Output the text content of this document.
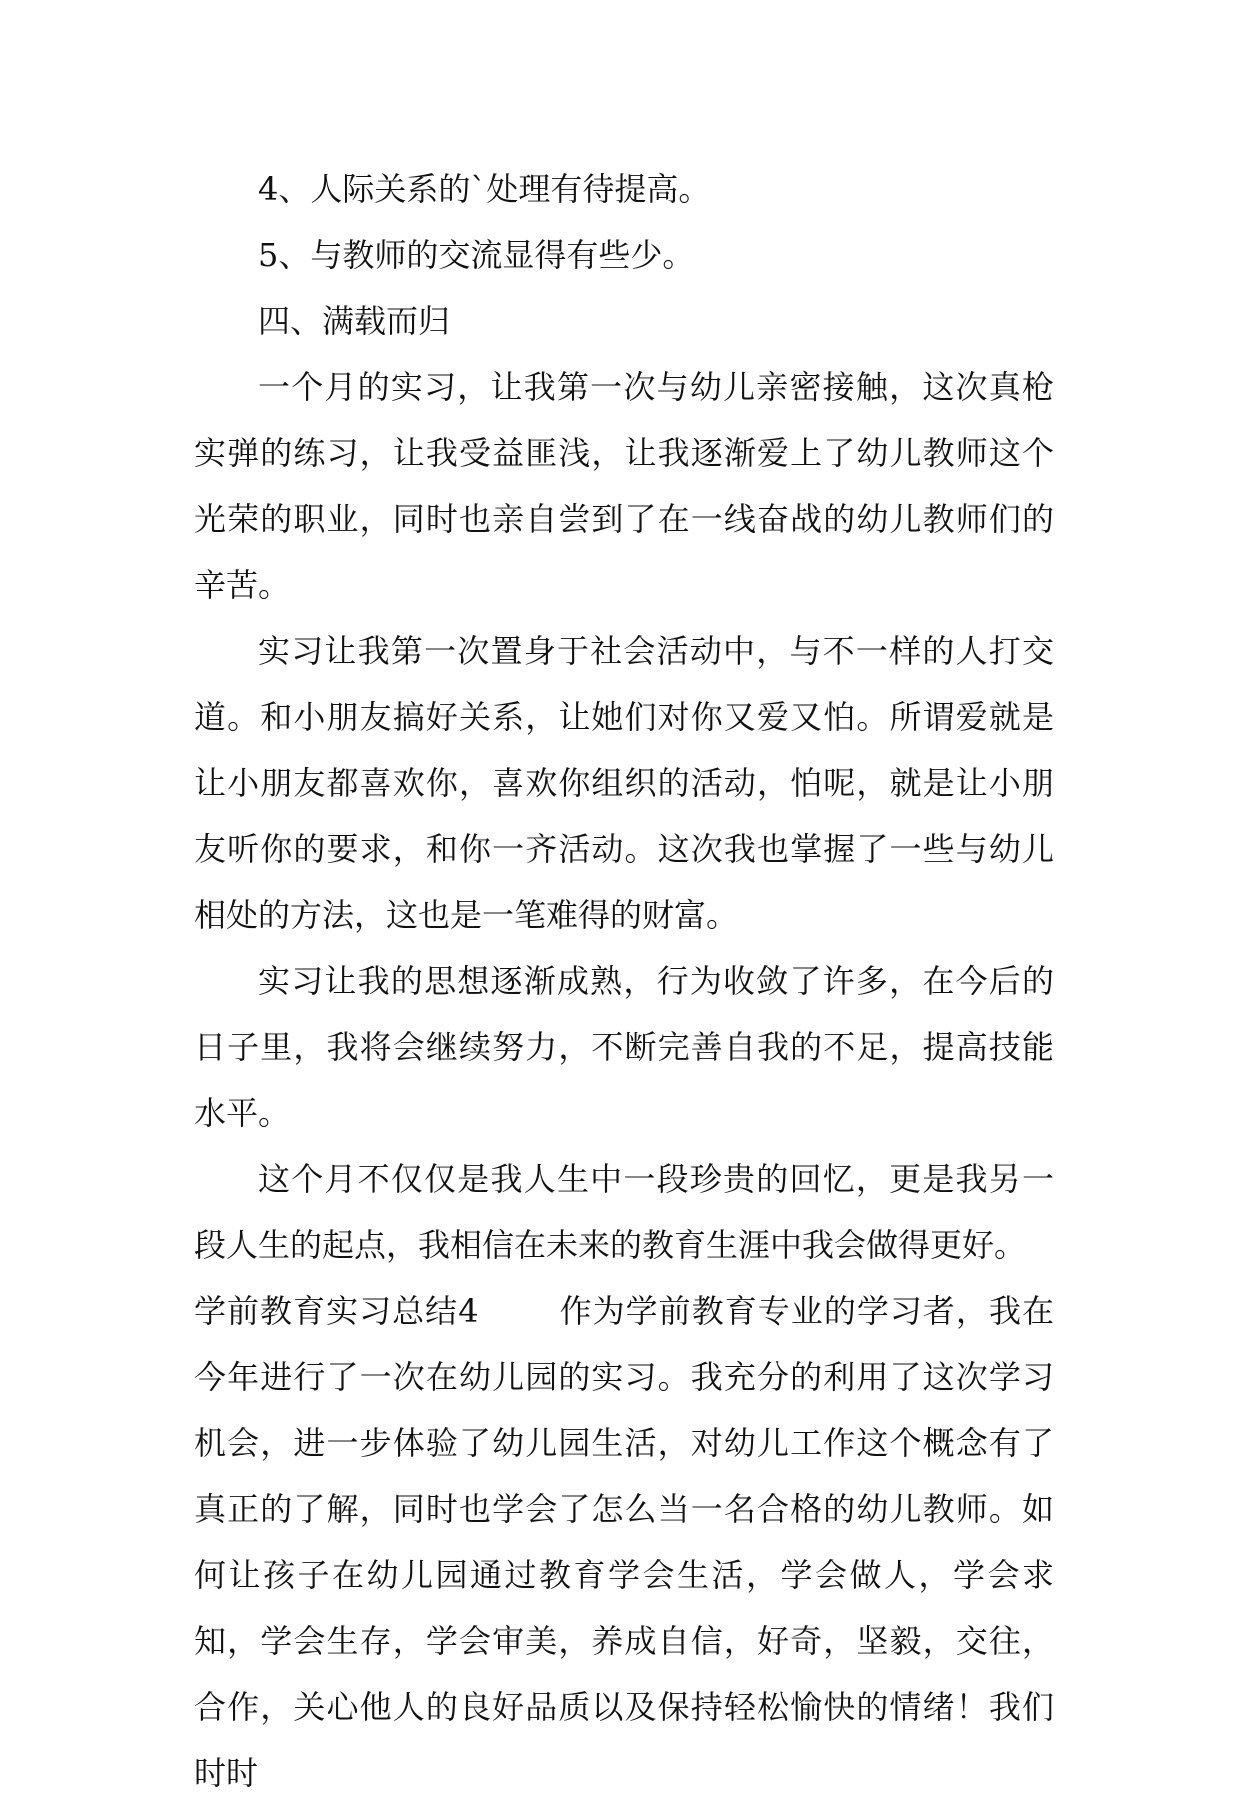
4、人际关系的`处理有待提高。

5、与教师的交流显得有些少。

四、满载而归

一个月的实习，让我第一次与幼儿亲密接触，这次真枪实弹的练习，让我受益匪浅，让我逐渐爱上了幼儿教师这个光荣的职业，同时也亲自尝到了在一线奋战的幼儿教师们的辛苦。

实习让我第一次置身于社会活动中，与不一样的人打交道。和小朋友搞好关系，让她们对你又爱又怕。所谓爱就是让小朋友都喜欢你，喜欢你组织的活动，怕呢，就是让小朋友听你的要求，和你一齐活动。这次我也掌握了一些与幼儿相处的方法，这也是一笔难得的财富。

实习让我的思想逐渐成熟，行为收敛了许多，在今后的日子里，我将会继续努力，不断完善自我的不足，提高技能水平。

这个月不仅仅是我人生中一段珍贵的回忆，更是我另一段人生的起点，我相信在未来的教育生涯中我会做得更好。

学前教育实习总结4	作为学前教育专业的学习者，我在今年进行了一次在幼儿园的实习。我充分的利用了这次学习机会，进一步体验了幼儿园生活，对幼儿工作这个概念有了真正的了解，同时也学会了怎么当一名合格的幼儿教师。如何让孩子在幼儿园通过教育学会生活，学会做人，学会求知，学会生存，学会审美，养成自信，好奇，坚毅，交往，合作，关心他人的良好品质以及保持轻松愉快的情绪！我们时时
